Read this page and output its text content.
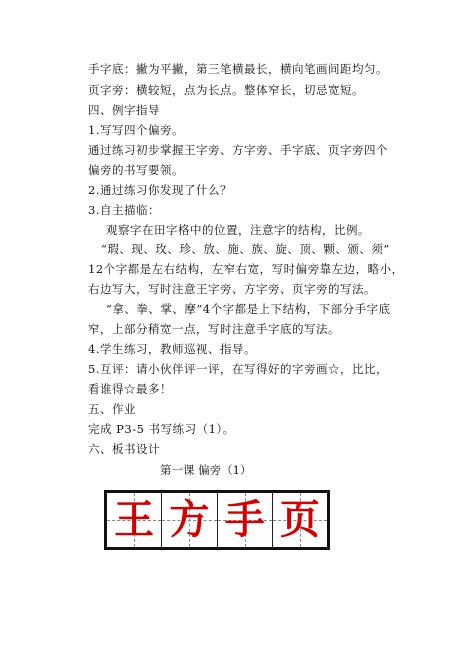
手字底：撇为平撇，第三笔横最长，横向笔画间距均匀。
页字旁：横较短，点为长点。整体窄长，切忌宽短。
四、例字指导
1.写写四个偏旁。
通过练习初步掌握王字旁、方字旁、手字底、页字旁四个
偏旁的书写要领。
2.通过练习你发现了什么？
3.自主描临：
观察字在田字格中的位置，注意字的结构，比例。
“瑕、现、玫、珍、放、施、族、旋、顶、颗、颁、须”
12个字都是左右结构，左窄右宽，写时偏旁靠左边，略小，
右边写大，写时注意王字旁、方字旁、页字旁的写法。
“拿、拳、掌、摩”4个字都是上下结构，下部分手字底
窄，上部分稍宽一点，写时注意手字底的写法。
4.学生练习，教师巡视、指导。
5.互评：请小伙伴评一评，在写得好的字旁画☆，比比，
看谁得☆最多！
五、作业
完成 P3-5 书写练习（1）。
六、板书设计
第一课 偏旁（1）
王 方 手 页
